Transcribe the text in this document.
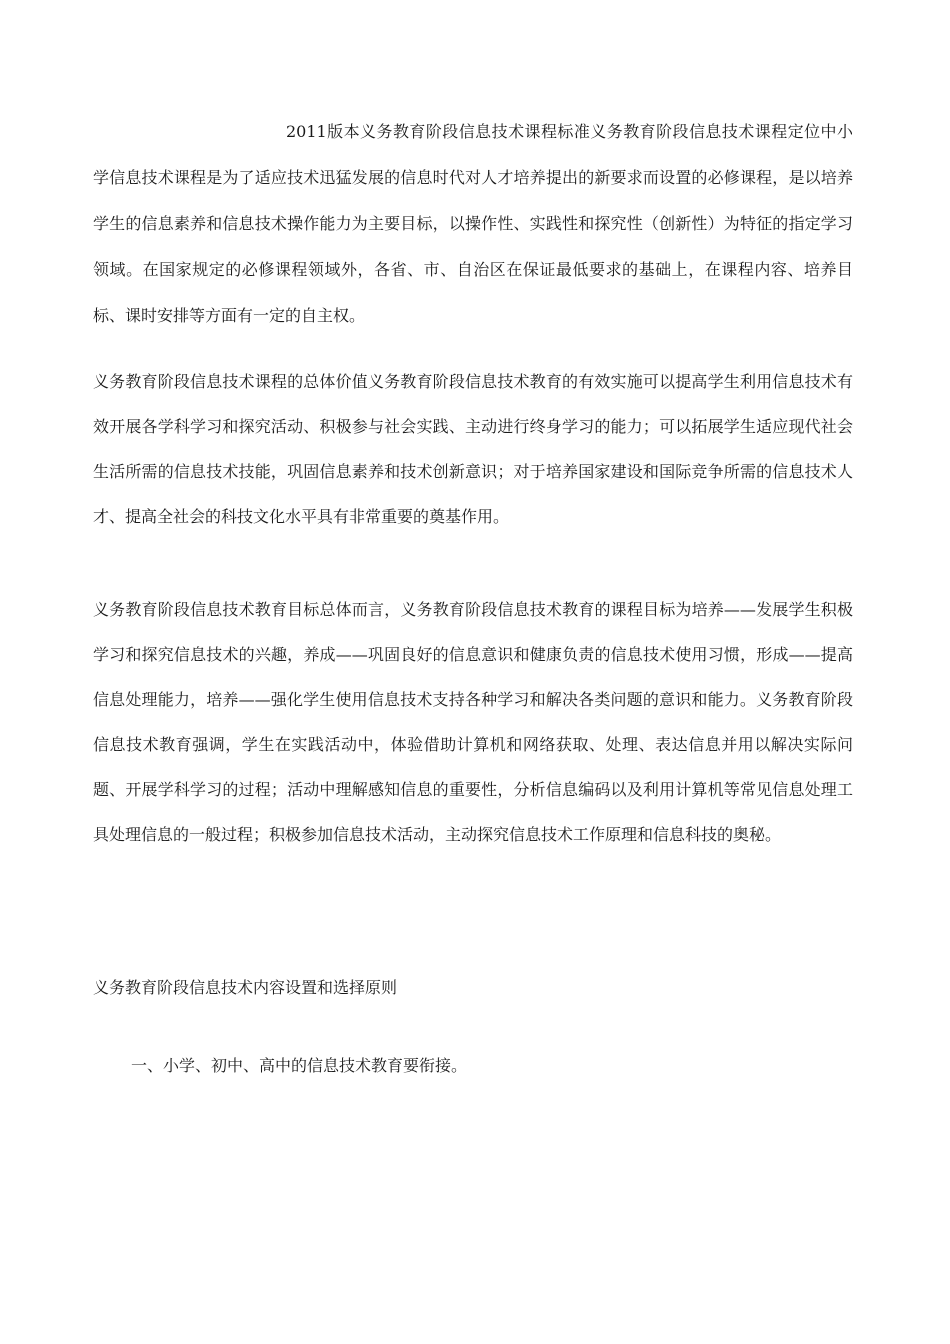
2011版本义务教育阶段信息技术课程标准义务教育阶段信息技术课程定位中小学信息技术课程是为了适应技术迅猛发展的信息时代对人才培养提出的新要求而设置的必修课程，是以培养学生的信息素养和信息技术操作能力为主要目标，以操作性、实践性和探究性（创新性）为特征的指定学习领域。在国家规定的必修课程领域外，各省、市、自治区在保证最低要求的基础上，在课程内容、培养目标、课时安排等方面有一定的自主权。

义务教育阶段信息技术课程的总体价值义务教育阶段信息技术教育的有效实施可以提高学生利用信息技术有效开展各学科学习和探究活动、积极参与社会实践、主动进行终身学习的能力；可以拓展学生适应现代社会生活所需的信息技术技能，巩固信息素养和技术创新意识；对于培养国家建设和国际竞争所需的信息技术人才、提高全社会的科技文化水平具有非常重要的奠基作用。

义务教育阶段信息技术教育目标总体而言，义务教育阶段信息技术教育的课程目标为培养——发展学生积极学习和探究信息技术的兴趣，养成——巩固良好的信息意识和健康负责的信息技术使用习惯，形成——提高信息处理能力，培养——强化学生使用信息技术支持各种学习和解决各类问题的意识和能力。义务教育阶段信息技术教育强调，学生在实践活动中，体验借助计算机和网络获取、处理、表达信息并用以解决实际问题、开展学科学习的过程；活动中理解感知信息的重要性，分析信息编码以及利用计算机等常见信息处理工具处理信息的一般过程；积极参加信息技术活动，主动探究信息技术工作原理和信息科技的奥秘。

义务教育阶段信息技术内容设置和选择原则

一、小学、初中、高中的信息技术教育要衔接。
